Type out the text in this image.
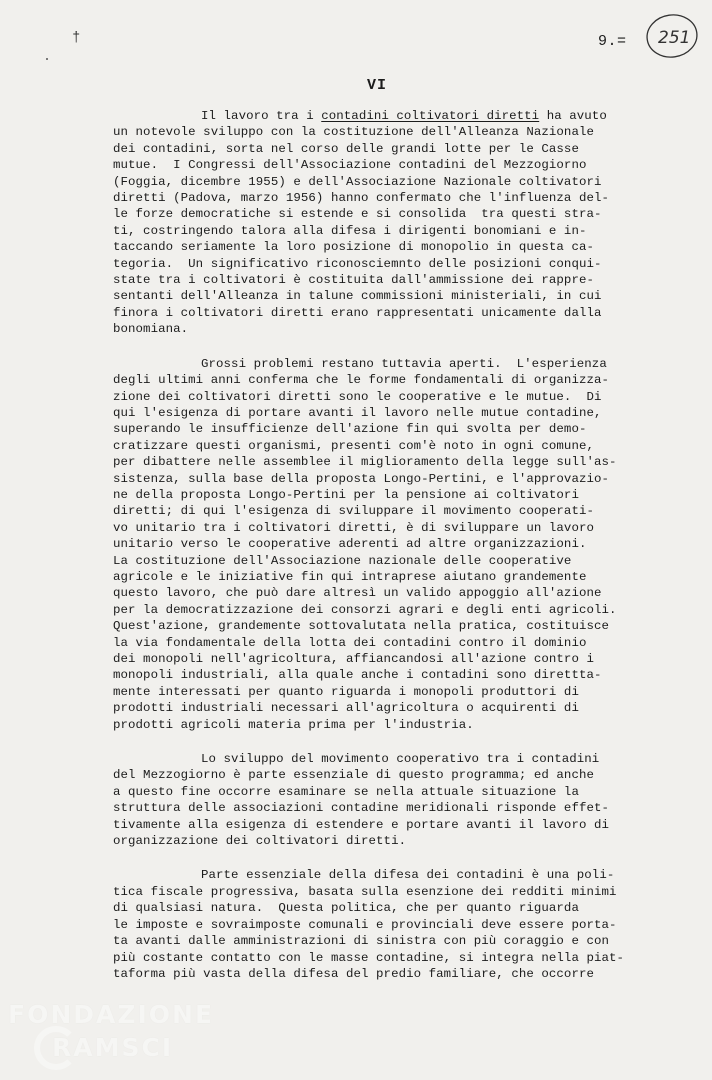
†	9.= 251
VI
Il lavoro tra i contadini coltivatori diretti ha avuto
un notevole sviluppo con la costituzione dell'Alleanza Nazionale
dei contadini, sorta nel corso delle grandi lotte per le Casse
mutue.  I Congressi dell'Associazione contadini del Mezzogiorno
(Foggia, dicembre 1955) e dell'Associazione Nazionale coltivatori
diretti (Padova, marzo 1956) hanno confermato che l'influenza del-
le forze democratiche si estende e si consolida  tra questi stra-
ti, costringendo talora alla difesa i dirigenti bonomiani e in-
taccando seriamente la loro posizione di monopolio in questa ca-
tegoria.  Un significativo riconosciemnto delle posizioni conqui-
state tra i coltivatori è costituita dall'ammissione dei rappre-
sentanti dell'Alleanza in talune commissioni ministeriali, in cui
finora i coltivatori diretti erano rappresentati unicamente dalla
bonomiana.
Grossi problemi restano tuttavia aperti.  L'esperienza
degli ultimi anni conferma che le forme fondamentali di organizza-
zione dei coltivatori diretti sono le cooperative e le mutue.  Di
qui l'esigenza di portare avanti il lavoro nelle mutue contadine,
superando le insufficienze dell'azione fin qui svolta per demo-
cratizzare questi organismi, presenti com'è noto in ogni comune,
per dibattere nelle assemblee il miglioramento della legge sull'as-
sistenza, sulla base della proposta Longo-Pertini, e l'approvazio-
ne della proposta Longo-Pertini per la pensione ai coltivatori
diretti; di qui l'esigenza di sviluppare il movimento cooperati-
vo unitario tra i coltivatori diretti, è di sviluppare un lavoro
unitario verso le cooperative aderenti ad altre organizzazioni.
La costituzione dell'Associazione nazionale delle cooperative
agricole e le iniziative fin qui intraprese aiutano grandemente
questo lavoro, che può dare altresì un valido appoggio all'azione
per la democratizzazione dei consorzi agrari e degli enti agricoli.
Quest'azione, grandemente sottovalutata nella pratica, costituisce
la via fondamentale della lotta dei contadini contro il dominio
dei monopoli nell'agricoltura, affiancandosi all'azione contro i
monopoli industriali, alla quale anche i contadini sono direttta-
mente interessati per quanto riguarda i monopoli produttori di
prodotti industriali necessari all'agricoltura o acquirenti di
prodotti agricoli materia prima per l'industria.
Lo sviluppo del movimento cooperativo tra i contadini
del Mezzogiorno è parte essenziale di questo programma; ed anche
a questo fine occorre esaminare se nella attuale situazione la
struttura delle associazioni contadine meridionali risponde effet-
tivamente alla esigenza di estendere e portare avanti il lavoro di
organizzazione dei coltivatori diretti.
Parte essenziale della difesa dei contadini è una poli-
tica fiscale progressiva, basata sulla esenzione dei redditi minimi
di qualsiasi natura.  Questa politica, che per quanto riguarda
le imposte e sovraimposte comunali e provinciali deve essere porta-
ta avanti dalle amministrazioni di sinistra con più coraggio e con
più costante contatto con le masse contadine, si integra nella piat-
taforma più vasta della difesa del predio familiare, che occorre
FONDAZIONE
RAMSCI
